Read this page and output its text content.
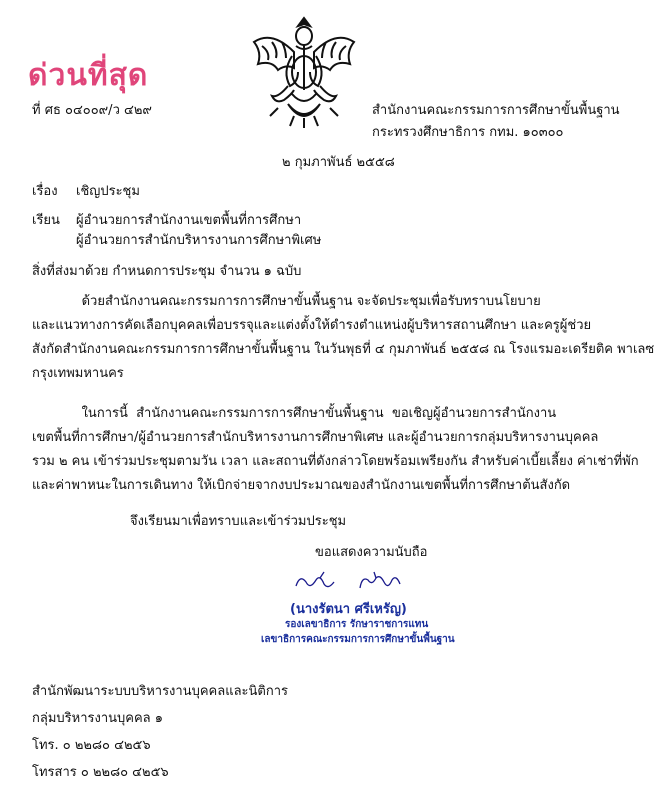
ด่วนที่สุด
ที่ ศธ ๐๔๐๐๙/ว ๔๒๙	สำนักงานคณะกรรมการการศึกษาขั้นพื้นฐาน
กระทรวงศึกษาธิการ กทม. ๑๐๓๐๐
๒ กุมภาพันธ์ ๒๕๕๘
เรื่อง เชิญประชุม
เรียน ผู้อำนวยการสำนักงานเขตพื้นที่การศึกษา
ผู้อำนวยการสำนักบริหารงานการศึกษาพิเศษ
สิ่งที่ส่งมาด้วย กำหนดการประชุม จำนวน ๑ ฉบับ
ด้วยสำนักงานคณะกรรมการการศึกษาขั้นพื้นฐาน จะจัดประชุมเพื่อรับทราบนโยบาย
และแนวทางการคัดเลือกบุคคลเพื่อบรรจุและแต่งตั้งให้ดำรงตำแหน่งผู้บริหารสถานศึกษา และครูผู้ช่วย
สังกัดสำนักงานคณะกรรมการการศึกษาขั้นพื้นฐาน ในวันพุธที่ ๔ กุมภาพันธ์ ๒๕๕๘ ณ โรงแรมอะเดรียติค พาเลซ
กรุงเทพมหานคร
ในการนี้  สำนักงานคณะกรรมการการศึกษาขั้นพื้นฐาน  ขอเชิญผู้อำนวยการสำนักงาน
เขตพื้นที่การศึกษา/ผู้อำนวยการสำนักบริหารงานการศึกษาพิเศษ และผู้อำนวยการกลุ่มบริหารงานบุคคล
รวม ๒ คน เข้าร่วมประชุมตามวัน เวลา และสถานที่ดังกล่าวโดยพร้อมเพรียงกัน สำหรับค่าเบี้ยเลี้ยง ค่าเช่าที่พัก
และค่าพาหนะในการเดินทาง ให้เบิกจ่ายจากงบประมาณของสำนักงานเขตพื้นที่การศึกษาต้นสังกัด
จึงเรียนมาเพื่อทราบและเข้าร่วมประชุม
ขอแสดงความนับถือ
(นางรัตนา ศรีเหรัญ)
รองเลขาธิการ รักษาราชการแทน
เลขาธิการคณะกรรมการการศึกษาขั้นพื้นฐาน
สำนักพัฒนาระบบบริหารงานบุคคลและนิติการ
กลุ่มบริหารงานบุคคล ๑
โทร. ๐ ๒๒๘๐ ๔๒๕๖
โทรสาร ๐ ๒๒๘๐ ๔๒๕๖
